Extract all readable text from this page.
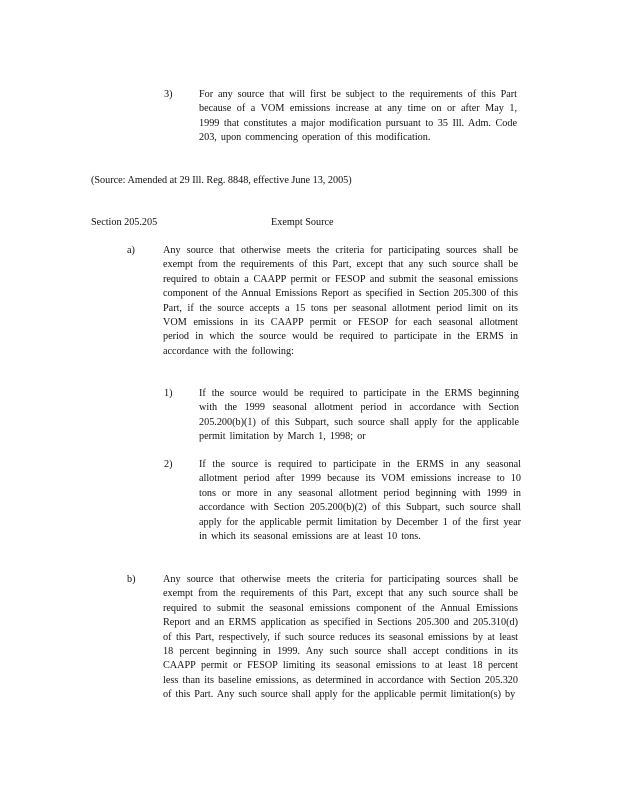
3)	For any source that will first be subject to the requirements of this Part because of a VOM emissions increase at any time on or after May 1, 1999 that constitutes a major modification pursuant to 35 Ill. Adm. Code 203, upon commencing operation of this modification.

(Source: Amended at 29 Ill. Reg. 8848, effective June 13, 2005)
Section 205.205	Exempt Source
a)	Any source that otherwise meets the criteria for participating sources shall be exempt from the requirements of this Part, except that any such source shall be required to obtain a CAAPP permit or FESOP and submit the seasonal emissions component of the Annual Emissions Report as specified in Section 205.300 of this Part, if the source accepts a 15 tons per seasonal allotment period limit on its VOM emissions in its CAAPP permit or FESOP for each seasonal allotment period in which the source would be required to participate in the ERMS in accordance with the following:

1)	If the source would be required to participate in the ERMS beginning with the 1999 seasonal allotment period in accordance with Section 205.200(b)(1) of this Subpart, such source shall apply for the applicable permit limitation by March 1, 1998; or

2)	If the source is required to participate in the ERMS in any seasonal allotment period after 1999 because its VOM emissions increase to 10 tons or more in any seasonal allotment period beginning with 1999 in accordance with Section 205.200(b)(2) of this Subpart, such source shall apply for the applicable permit limitation by December 1 of the first year in which its seasonal emissions are at least 10 tons.

b)	Any source that otherwise meets the criteria for participating sources shall be exempt from the requirements of this Part, except that any such source shall be required to submit the seasonal emissions component of the Annual Emissions Report and an ERMS application as specified in Sections 205.300 and 205.310(d) of this Part, respectively, if such source reduces its seasonal emissions by at least 18 percent beginning in 1999. Any such source shall accept conditions in its CAAPP permit or FESOP limiting its seasonal emissions to at least 18 percent less than its baseline emissions, as determined in accordance with Section 205.320 of this Part. Any such source shall apply for the applicable permit limitation(s) by
